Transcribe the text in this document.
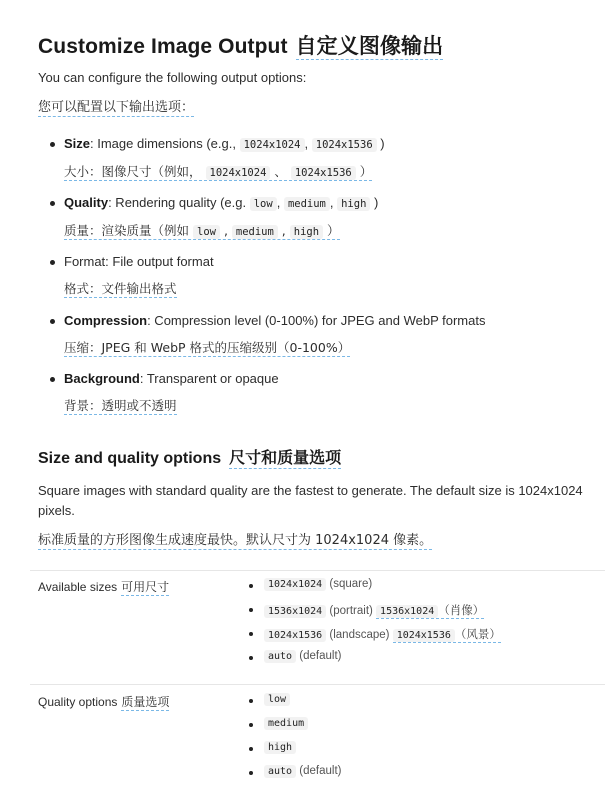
Customize Image Output 自定义图像输出
You can configure the following output options:
您可以配置以下输出选项：
Size: Image dimensions (e.g., 1024x1024 , 1024x1536 )
大小：图像尺寸（例如， 1024x1024 、 1024x1536 ）
Quality: Rendering quality (e.g. low , medium , high )
质量：渲染质量（例如 low , medium , high ）
Format: File output format
格式：文件输出格式
Compression: Compression level (0-100%) for JPEG and WebP formats
压缩：JPEG 和 WebP 格式的压缩级别（0-100%）
Background: Transparent or opaque
背景：透明或不透明
Size and quality options 尺寸和质量选项
Square images with standard quality are the fastest to generate. The default size is 1024x1024
pixels.
标准质量的方形图像生成速度最快。默认尺寸为 1024x1024 像素。
Available sizes 可用尺寸	1024x1024 (square)
1536x1024 (portrait) 1536x1024 （肖像）
1024x1536 (landscape) 1024x1536 （风景）
auto (default)
Quality options 质量选项	low
medium
high
auto (default)
